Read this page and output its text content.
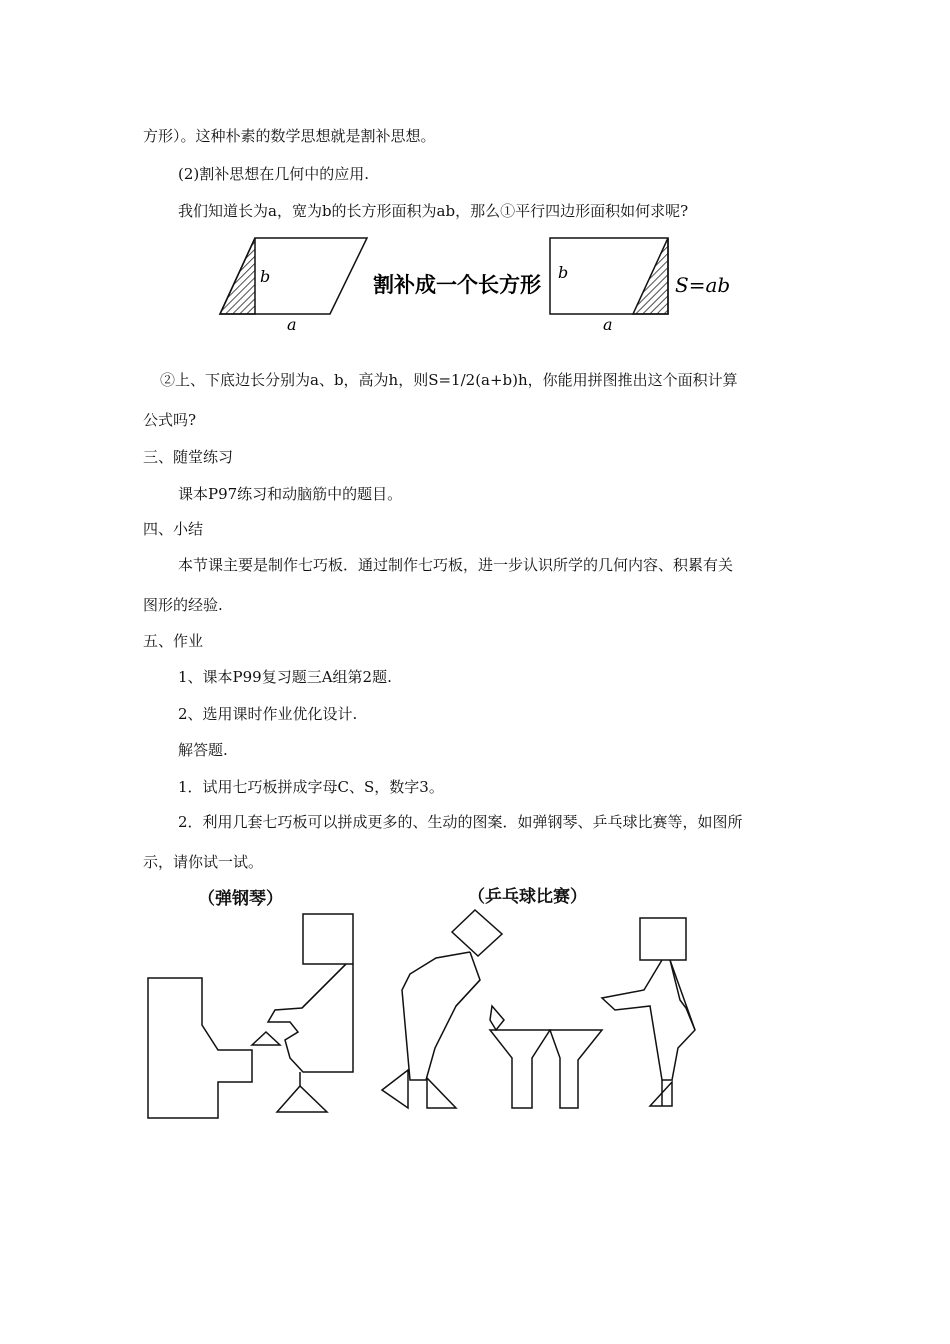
方形）。这种朴素的数学思想就是割补思想。
(2)割补思想在几何中的应用.
我们知道长为a，宽为b的长方形面积为ab，那么①平行四边形面积如何求呢?
b
a
割补成一个长方形
b
a
S=ab
②上、下底边长分别为a、b，高为h，则S=1/2(a+b)h，你能用拼图推出这个面积计算
公式吗?
三、随堂练习
课本P97练习和动脑筋中的题目。
四、小结
本节课主要是制作七巧板．通过制作七巧板，进一步认识所学的几何内容、积累有关
图形的经验.
五、作业
1、课本P99复习题三A组第2题.
2、选用课时作业优化设计.
解答题.
1．试用七巧板拼成字母C、S，数字3。
2．利用几套七巧板可以拼成更多的、生动的图案．如弹钢琴、乒乓球比赛等，如图所
示，请你试一试。
（弹钢琴）	（乒乓球比赛）
